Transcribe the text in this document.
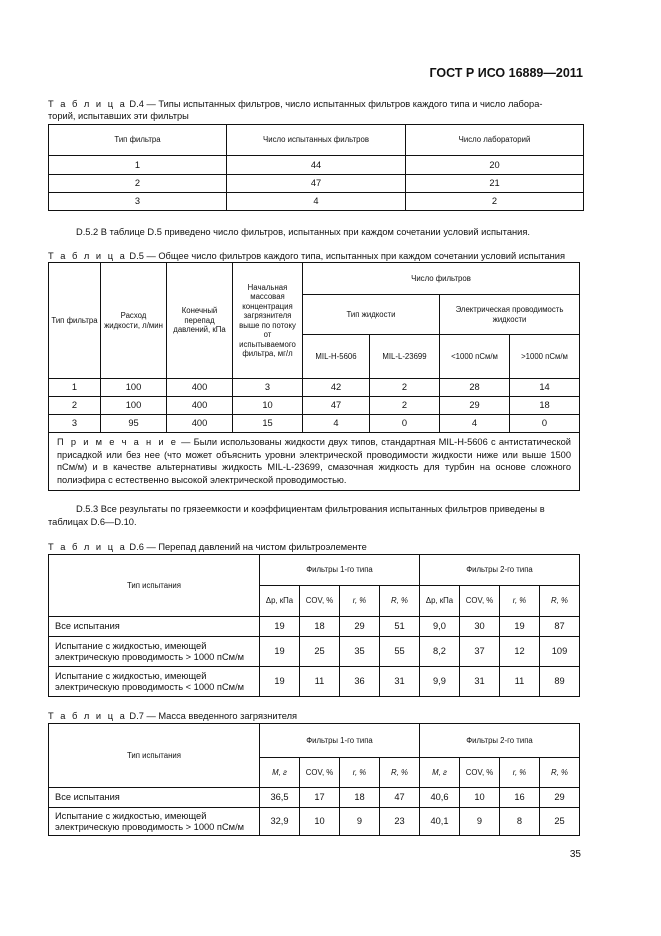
ГОСТ Р ИСО 16889—2011
Т а б л и ц а D.4 — Типы испытанных фильтров, число испытанных фильтров каждого типа и число лабора-
торий, испытавших эти фильтры
Тип фильтра	Число испытанных фильтров	Число лабораторий
1	44	20
2	47	21
3	4	2
D.5.2 В таблице D.5 приведено число фильтров, испытанных при каждом сочетании условий испытания.
Т а б л и ц а D.5 — Общее число фильтров каждого типа, испытанных при каждом сочетании условий испытания
Тип фильтра	Расход жидкости, л/мин	Конечный перепад давлений, кПа	Начальная массовая концентрация загрязнителя выше по потоку от испытываемого фильтра, мг/л	Число фильтров			
				Тип жидкости		Электрическая проводимость жидкости	
				MIL-H-5606	MIL-L-23699	<1000 пСм/м	>1000 пСм/м
1	100	400	3	42	2	28	14
2	100	400	10	47	2	29	18
3	95	400	15	4	0	4	0
П р и м е ч а н и е — Были использованы жидкости двух типов, стандартная MIL-H-5606 с антистатической присадкой или без нее (что может объяснить уровни электрической проводимости жидкости ниже или выше 1500 пСм/м) и в качестве альтернативы жидкость MIL-L-23699, смазочная жидкость для турбин на основе сложного полиэфира с естественно высокой электрической проводимостью.							
D.5.3 Все результаты по грязеемкости и коэффициентам фильтрования испытанных фильтров приведены в таблицах D.6—D.10.
Т а б л и ц а D.6 — Перепад давлений на чистом фильтроэлементе
Тип испытания	Фильтры 1-го типа				Фильтры 2-го типа			
	Δp, кПа	COV, %	r, %	R, %	Δp, кПа	COV, %	r, %	R, %
Все испытания	19	18	29	51	9,0	30	19	87
Испытание с жидкостью, имеющей электрическую проводимость > 1000 пСм/м	19	25	35	55	8,2	37	12	109
Испытание с жидкостью, имеющей электрическую проводимость < 1000 пСм/м	19	11	36	31	9,9	31	11	89
Т а б л и ц а D.7 — Масса введенного загрязнителя
Тип испытания	Фильтры 1-го типа				Фильтры 2-го типа			
	M, г	COV, %	r, %	R, %	M, г	COV, %	r, %	R, %
Все испытания	36,5	17	18	47	40,6	10	16	29
Испытание с жидкостью, имеющей электрическую проводимость > 1000 пСм/м	32,9	10	9	23	40,1	9	8	25
35
